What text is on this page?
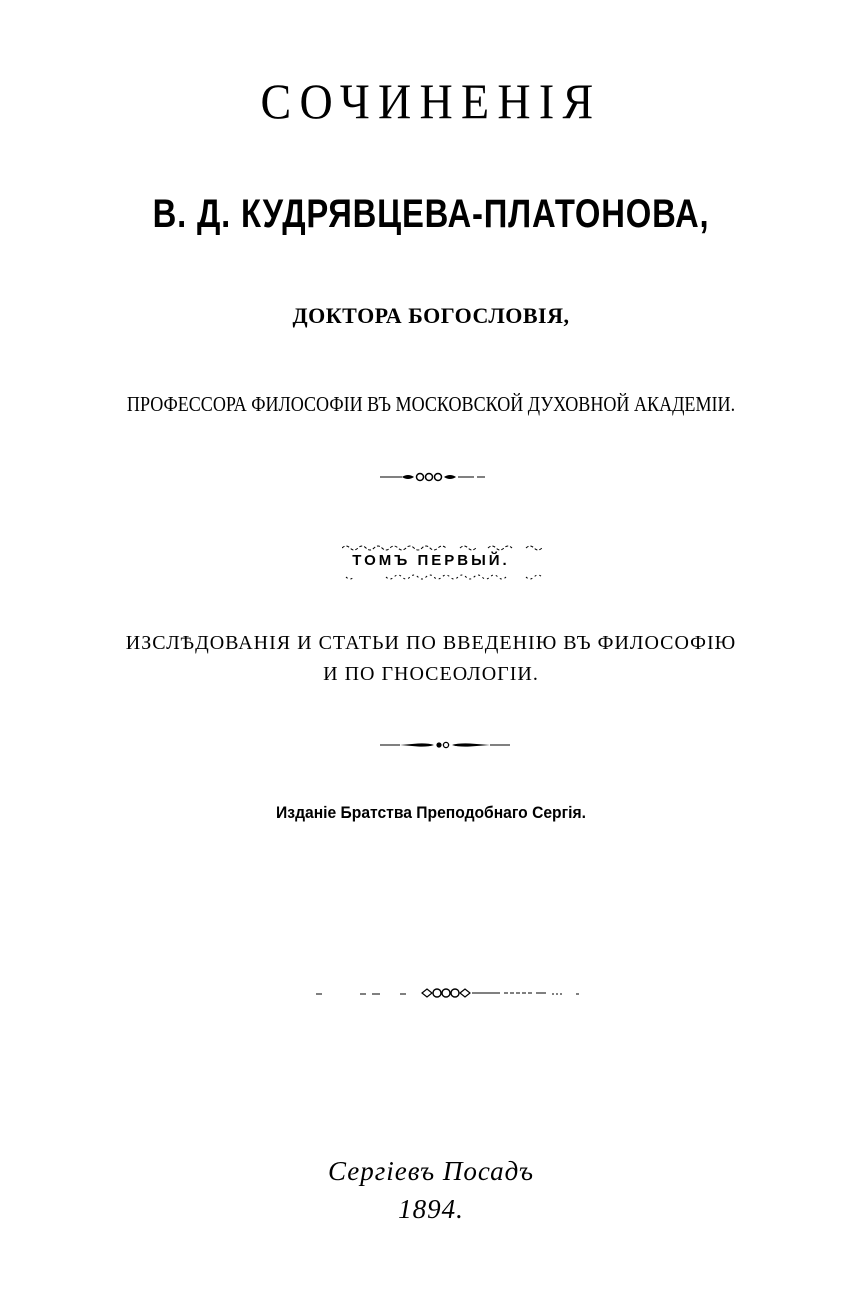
СОЧИНЕНІЯ
В. Д. КУДРЯВЦЕВА-ПЛАТОНОВА,
ДОКТОРА БОГОСЛОВІЯ,
ПРОФЕССОРА ФИЛОСОФІИ ВЪ МОСКОВСКОЙ ДУХОВНОЙ АКАДЕМІИ.
ТОМЪ ПЕРВЫЙ.
ИЗСЛѢДОВАНІЯ И СТАТЬИ ПО ВВЕДЕНІЮ ВЪ ФИЛОСОФІЮ И ПО ГНОСЕОЛОГІИ.
Изданіе Братства Преподобнаго Сергія.
Сергіевъ Посадъ
1894.
